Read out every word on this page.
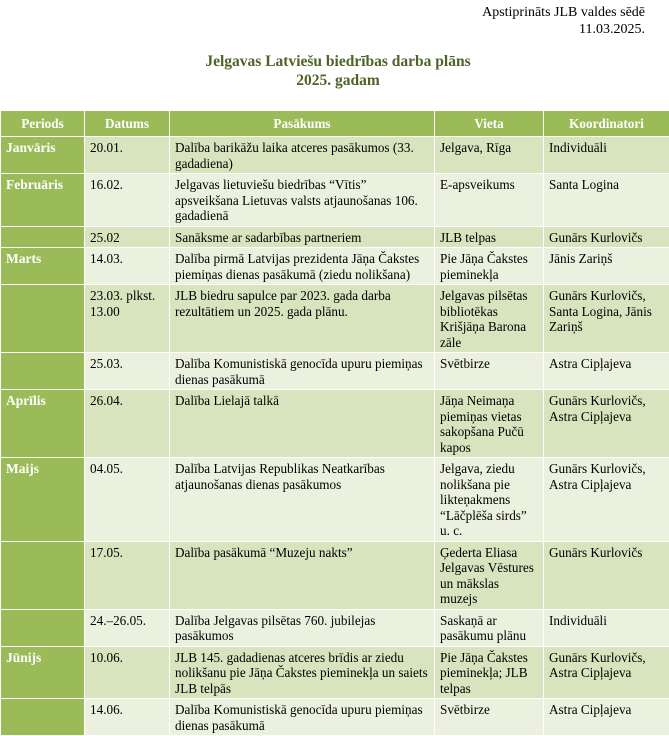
Apstiprināts JLB valdes sēdē
11.03.2025.
Jelgavas Latviešu biedrības darba plāns
2025. gadam
Periods	Datums	Pasākums	Vieta	Koordinatori
Janvāris	20.01.	Dalība barikāžu laika atceres pasākumos (33. gadadiena)	Jelgava, Rīga	Individuāli
Februāris	16.02.	Jelgavas lietuviešu biedrības “Vītis” apsveikšana Lietuvas valsts atjaunošanas 106. gadadienā	E-apsveikums	Santa Logina
	25.02	Sanāksme ar sadarbības partneriem	JLB telpas	Gunārs Kurlovičs
Marts	14.03.	Dalība pirmā Latvijas prezidenta Jāņa Čakstes piemiņas dienas pasākumā (ziedu nolikšana)	Pie Jāņa Čakstes pieminekļa	Jānis Zariņš
	23.03. plkst. 13.00	JLB biedru sapulce par 2023. gada darba rezultātiem un 2025. gada plānu.	Jelgavas pilsētas bibliotēkas Krišjāņa Barona zāle	Gunārs Kurlovičs, Santa Logina, Jānis Zariņš
	25.03.	Dalība Komunistiskā genocīda upuru piemiņas dienas pasākumā	Svētbirze	Astra Cipļajeva
Aprīlis	26.04.	Dalība Lielajā talkā	Jāņa Neimaņa piemiņas vietas sakopšana Pučū kapos	Gunārs Kurlovičs, Astra Cipļajeva
Maijs	04.05.	Dalība Latvijas Republikas Neatkarības atjaunošanas dienas pasākumos	Jelgava, ziedu nolikšana pie likteņakmens “Lāčplēša sirds” u. c.	Gunārs Kurlovičs, Astra Cipļajeva
	17.05.	Dalība pasākumā “Muzeju nakts”	Ģederta Eliasa Jelgavas Vēstures un mākslas muzejs	Gunārs Kurlovičs
	24.–26.05.	Dalība Jelgavas pilsētas 760. jubilejas pasākumos	Saskaņā ar pasākumu plānu	Individuāli
Jūnijs	10.06.	JLB 145. gadadienas atceres brīdis ar ziedu nolikšanu pie Jāņa Čakstes pieminekļa un saiets JLB telpās	Pie Jāņa Čakstes pieminekļa; JLB telpas	Gunārs Kurlovičs, Astra Cipļajeva
	14.06.	Dalība Komunistiskā genocīda upuru piemiņas dienas pasākumā	Svētbirze	Astra Cipļajeva
